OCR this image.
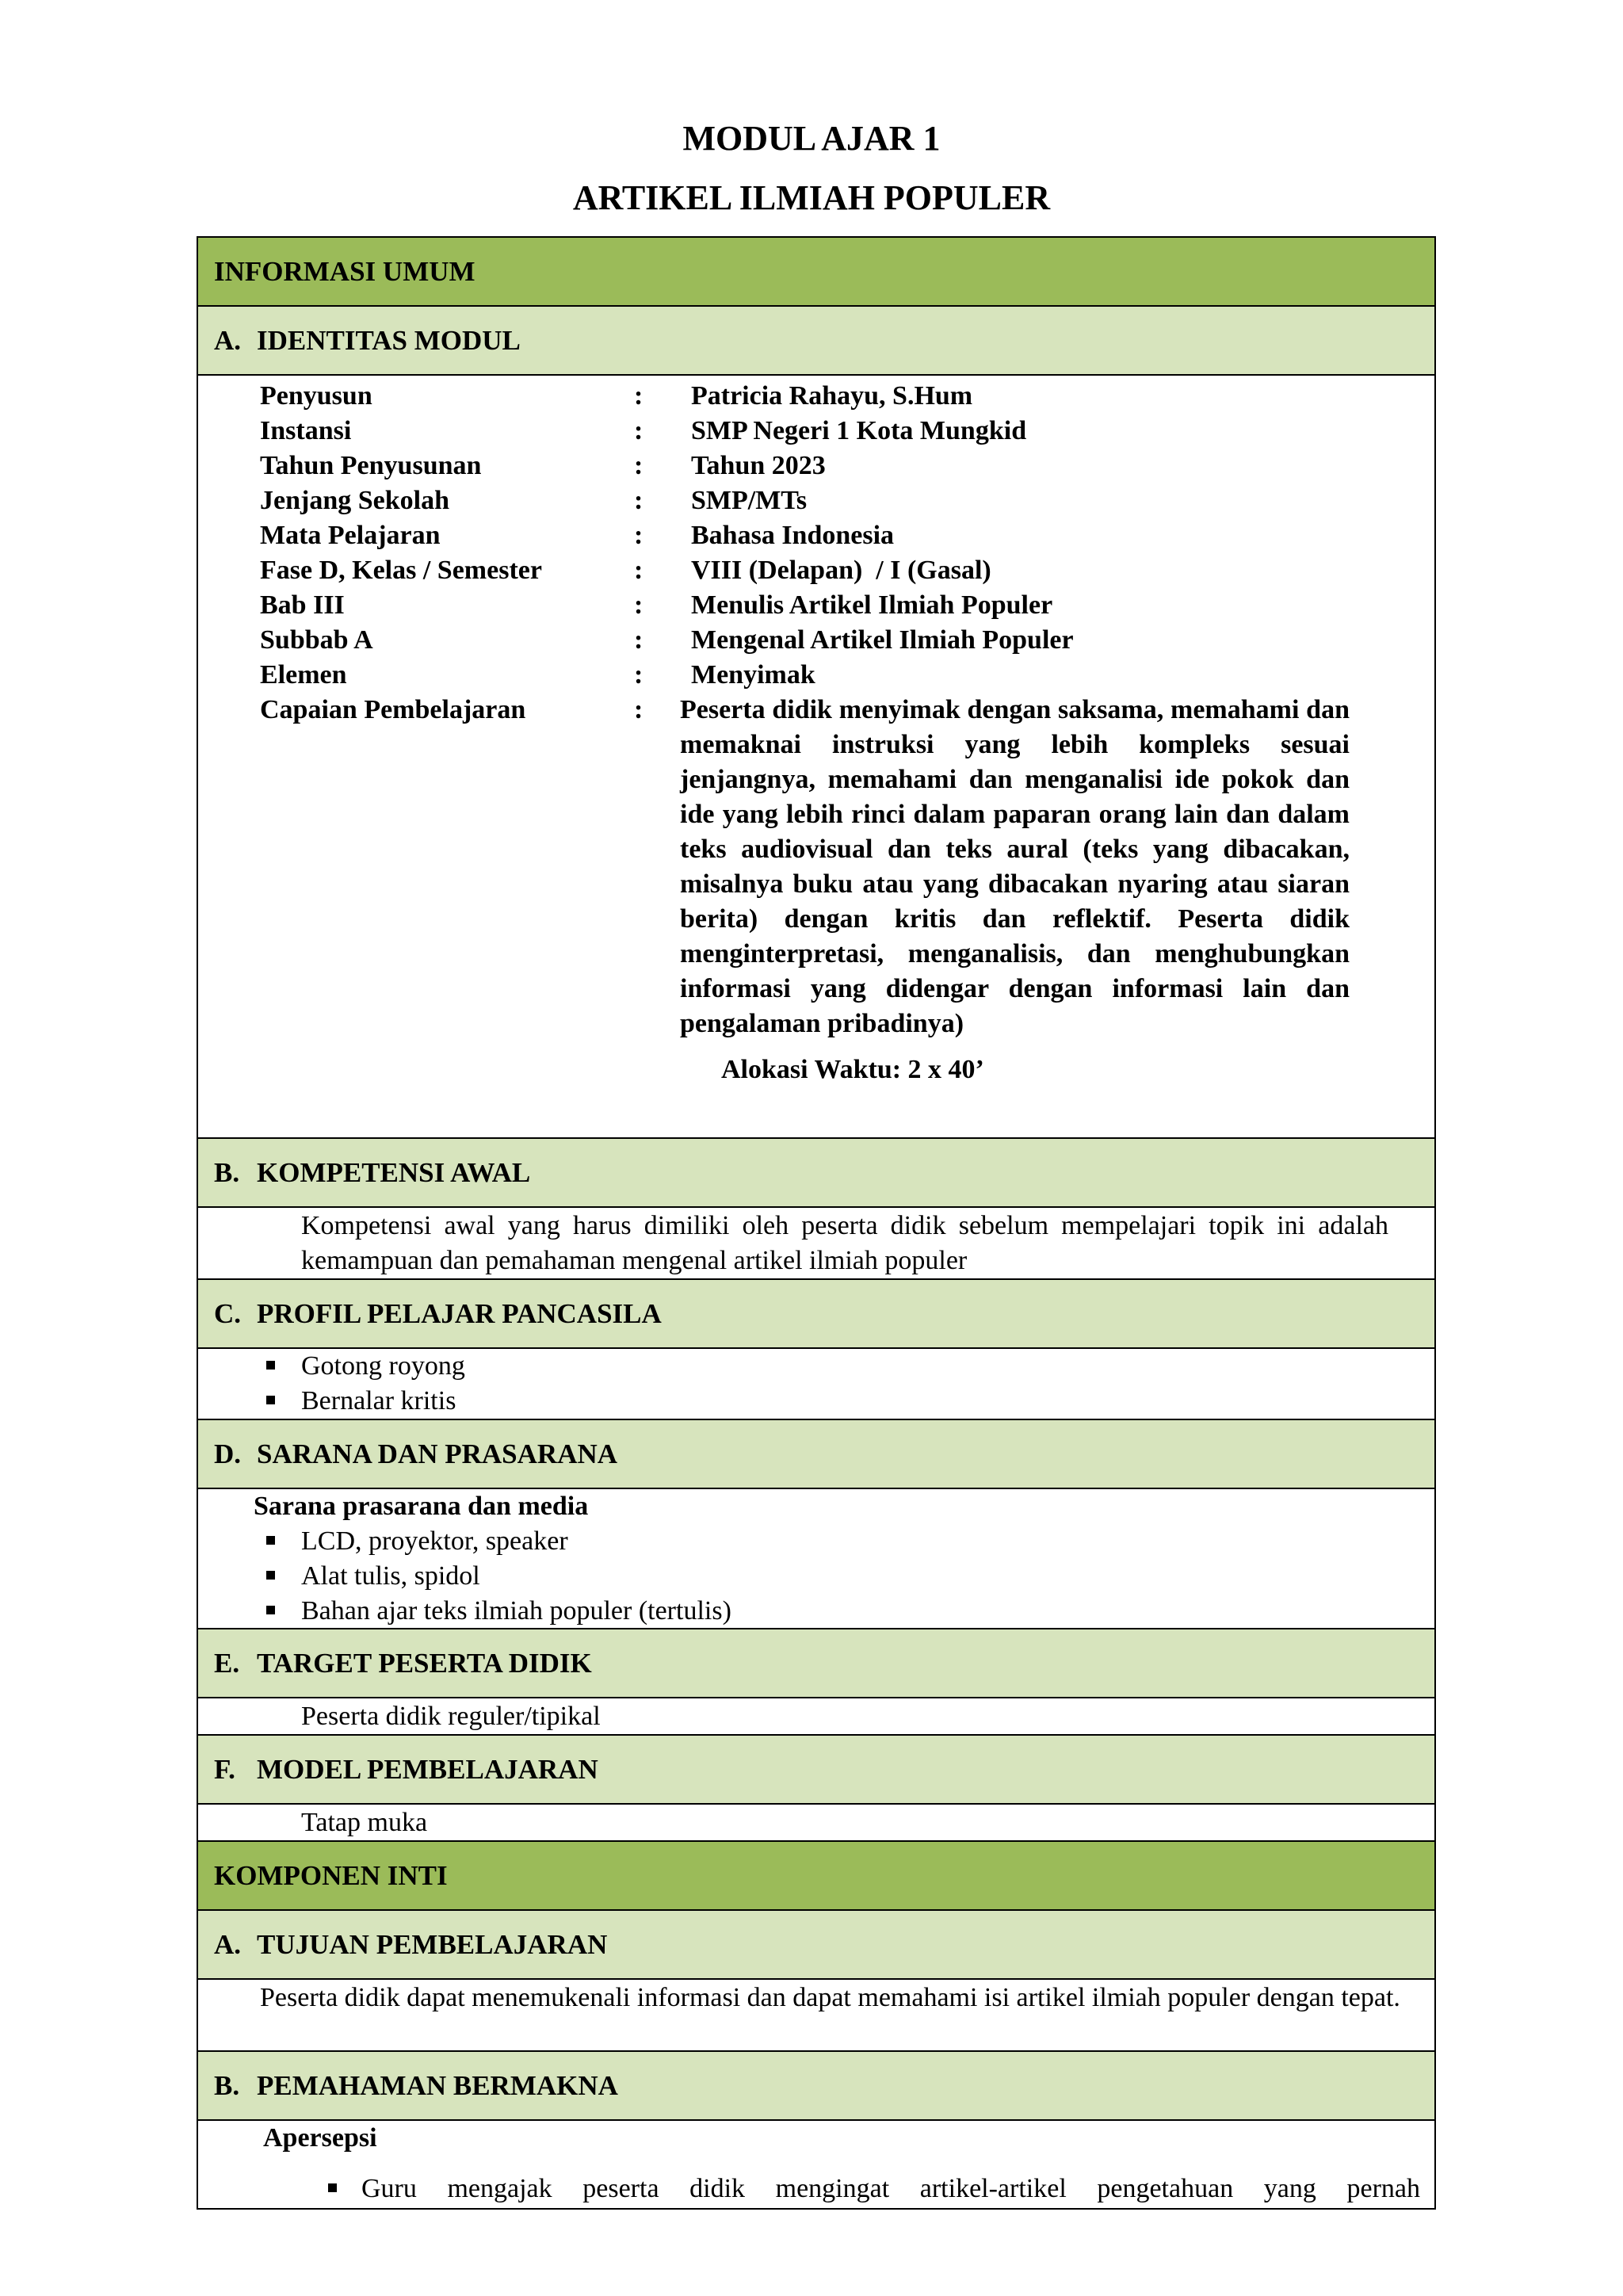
MODUL AJAR 1
ARTIKEL ILMIAH POPULER
INFORMASI UMUM
A. IDENTITAS MODUL
Penyusun	:	Patricia Rahayu, S.Hum
Instansi	:	SMP Negeri 1 Kota Mungkid
Tahun Penyusunan	:	Tahun 2023
Jenjang Sekolah	:	SMP/MTs
Mata Pelajaran	:	Bahasa Indonesia
Fase D, Kelas / Semester	:	VIII (Delapan)  / I (Gasal)
Bab III	:	Menulis Artikel Ilmiah Populer
Subbab A	:	Mengenal Artikel Ilmiah Populer
Elemen	:	Menyimak
Capaian Pembelajaran	:	Peserta didik menyimak dengan saksama, memahami dan memaknai instruksi yang lebih kompleks sesuai jenjangnya, memahami dan menganalisi ide pokok dan ide yang lebih rinci dalam paparan orang lain dan dalam teks audiovisual dan teks aural (teks yang dibacakan, misalnya buku atau yang dibacakan nyaring atau siaran berita) dengan kritis dan reflektif. Peserta didik menginterpretasi, menganalisis, dan menghubungkan informasi yang didengar dengan informasi lain dan pengalaman pribadinya)
Alokasi Waktu: 2 x 40’
B. KOMPETENSI AWAL
Kompetensi awal yang harus dimiliki oleh peserta didik sebelum mempelajari topik ini adalah kemampuan dan pemahaman mengenal artikel ilmiah populer
C. PROFIL PELAJAR PANCASILA
Gotong royong
Bernalar kritis
D. SARANA DAN PRASARANA
Sarana prasarana dan media
LCD, proyektor, speaker
Alat tulis, spidol
Bahan ajar teks ilmiah populer (tertulis)
E. TARGET PESERTA DIDIK
Peserta didik reguler/tipikal
F. MODEL PEMBELAJARAN
Tatap muka
KOMPONEN INTI
A. TUJUAN PEMBELAJARAN
Peserta didik dapat menemukenali informasi dan dapat memahami isi artikel ilmiah populer dengan tepat.
B. PEMAHAMAN BERMAKNA
Apersepsi
Guru mengajak peserta didik mengingat artikel-artikel pengetahuan yang pernah
